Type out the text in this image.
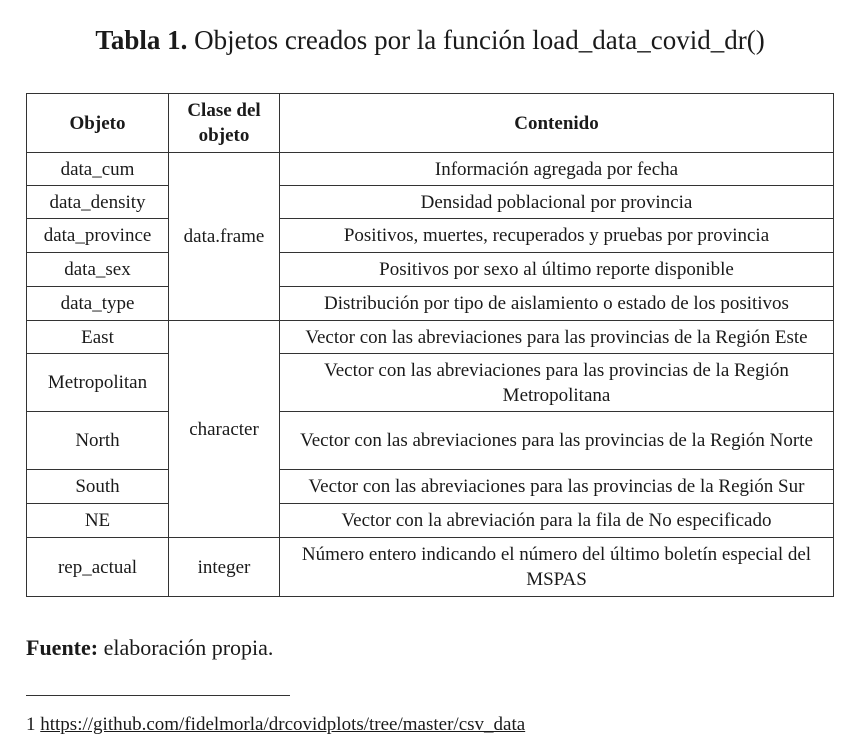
Tabla 1. Objetos creados por la función load_data_covid_dr()
Objeto	Clase del objeto	Contenido
data_cum	data.frame	Información agregada por fecha
data_density		Densidad poblacional por provincia
data_province		Positivos, muertes, recuperados y pruebas por provincia
data_sex		Positivos por sexo al último reporte disponible
data_type		Distribución por tipo de aislamiento o estado de los positivos
East	character	Vector con las abreviaciones para las provincias de la Región Este
Metropolitan		Vector con las abreviaciones para las provincias de la Región Metropolitana
North		Vector con las abreviaciones para las provincias de la Región Norte
South		Vector con las abreviaciones para las provincias de la Región Sur
NE		Vector con la abreviación para la fila de No especificado
rep_actual	integer	Número entero indicando el número del último boletín especial del MSPAS
Fuente: elaboración propia.
1 https://github.com/fidelmorla/drcovidplots/tree/master/csv_data
